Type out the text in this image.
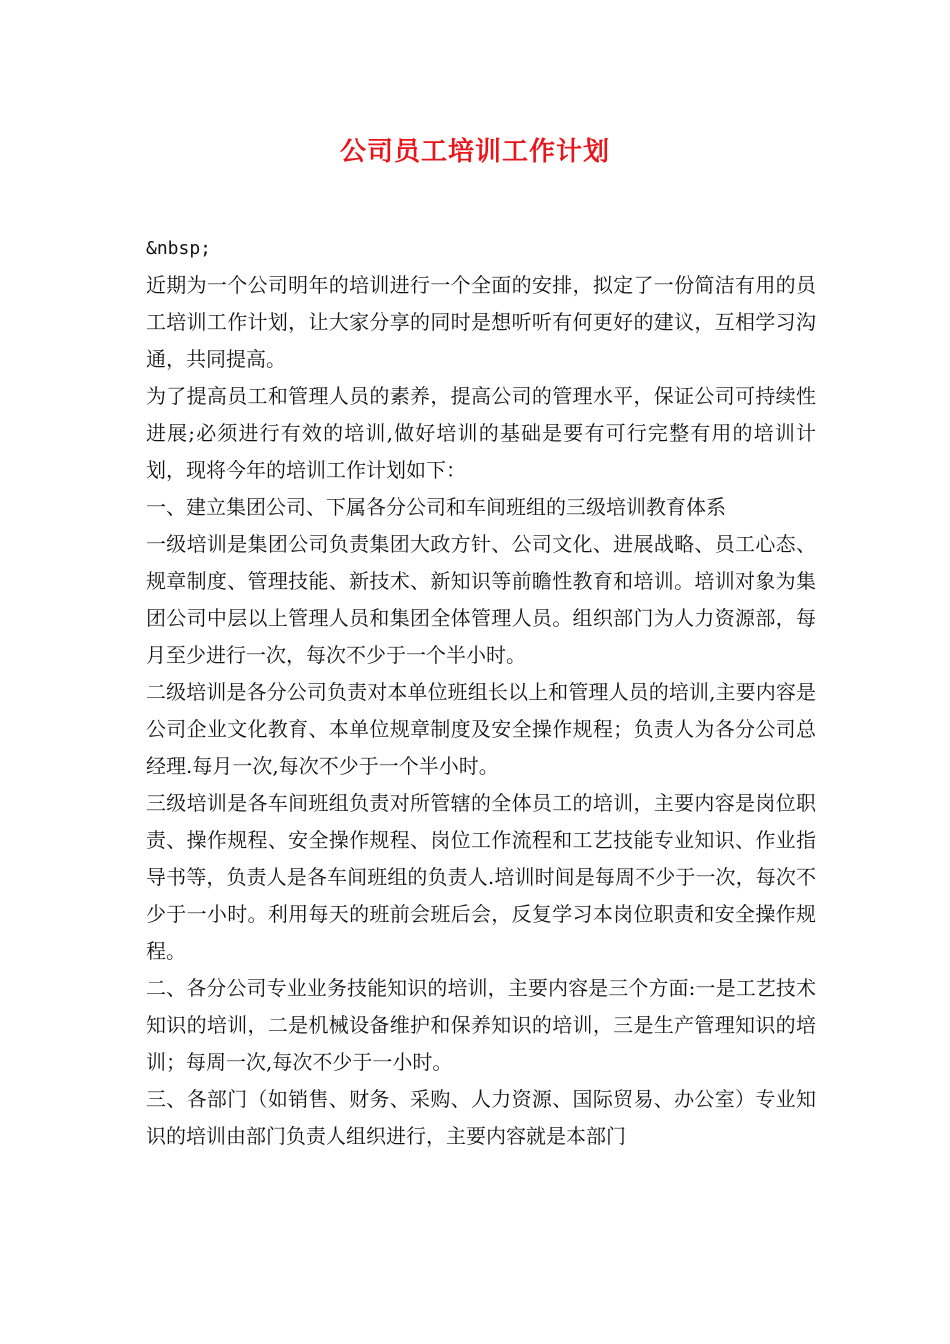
公司员工培训工作计划

&nbsp;

近期为一个公司明年的培训进行一个全面的安排，拟定了一份简洁有用的员工培训工作计划，让大家分享的同时是想听听有何更好的建议，互相学习沟通，共同提高。

为了提高员工和管理人员的素养，提高公司的管理水平，保证公司可持续性进展;必须进行有效的培训,做好培训的基础是要有可行完整有用的培训计划，现将今年的培训工作计划如下：

一、建立集团公司、下属各分公司和车间班组的三级培训教育体系

一级培训是集团公司负责集团大政方针、公司文化、进展战略、员工心态、规章制度、管理技能、新技术、新知识等前瞻性教育和培训。培训对象为集团公司中层以上管理人员和集团全体管理人员。组织部门为人力资源部，每月至少进行一次，每次不少于一个半小时。

二级培训是各分公司负责对本单位班组长以上和管理人员的培训,主要内容是公司企业文化教育、本单位规章制度及安全操作规程；负责人为各分公司总经理.每月一次,每次不少于一个半小时。

三级培训是各车间班组负责对所管辖的全体员工的培训，主要内容是岗位职责、操作规程、安全操作规程、岗位工作流程和工艺技能专业知识、作业指导书等，负责人是各车间班组的负责人.培训时间是每周不少于一次，每次不少于一小时。利用每天的班前会班后会，反复学习本岗位职责和安全操作规程。

二、各分公司专业业务技能知识的培训，主要内容是三个方面:一是工艺技术知识的培训，二是机械设备维护和保养知识的培训，三是生产管理知识的培训；每周一次,每次不少于一小时。

三、各部门（如销售、财务、采购、人力资源、国际贸易、办公室）专业知识的培训由部门负责人组织进行，主要内容就是本部门
